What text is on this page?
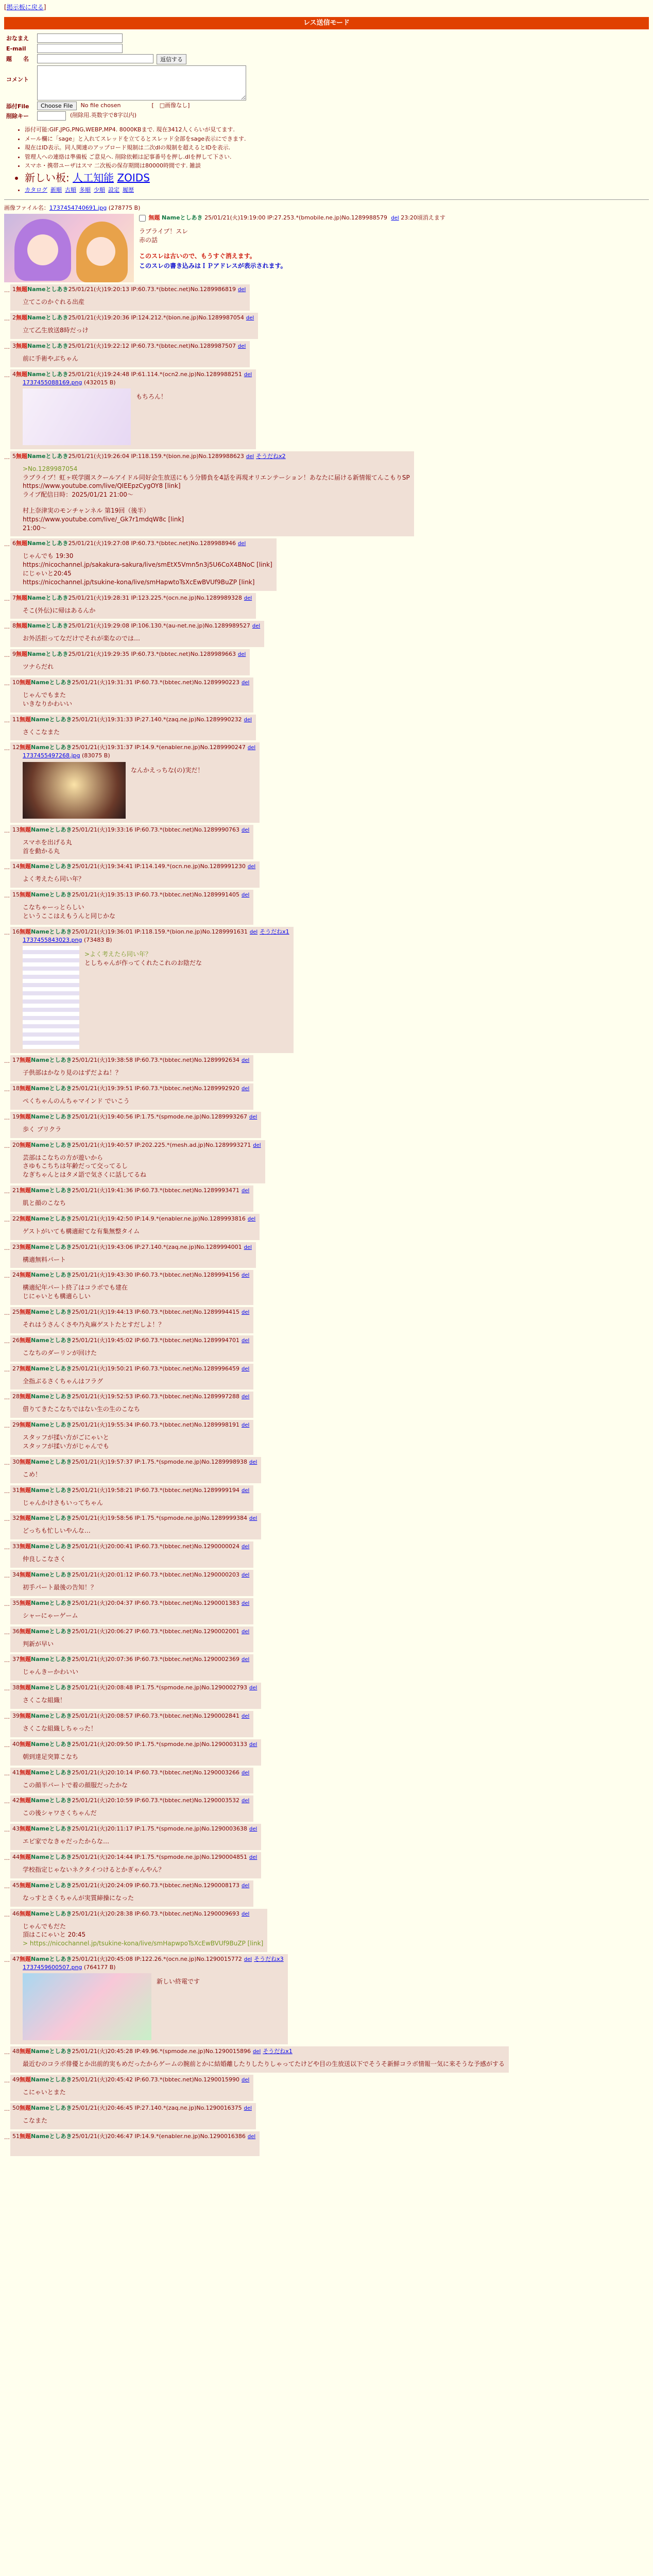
[掲示板に戻る]
レス送信モード
おなまえ
E-mail
題　　名	返信する
コメント
添付File	Choose File	No file chosen	[　□画像なし]
削除キー	(削除用.英数字で8字以内)
• 添付可能:GIF,JPG,PNG,WEBP,MP4. 8000KBまで. 現在3412人くらいが見てます.
• メール欄に「sage」と入れてスレッドを立てるとスレッド全部をsage表示にできます.
• 現在はID表示。同人関連のアップロード規制は二次dlの規制を超えるとIDを表示.
• 管理人への連絡は準備板 ご意見へ. 削除依頼は記事番号を押し.dlを押して下さい.
• スマホ・携帯ユーザはスマ 二次板の保存期間は80000時間です. 雑談
• 新しい板: 人工知能 ZOIDS
• カタログ 新順 古順 多順 少順 設定 履歴
画像ファイル名：1737454740691.jpg (278775 B)
無題 Nameとしあき 25/01/21(火)19:19:00 IP:27.253.*(bmobile.ne.jp)No.1289988579 del 23:20頃消えます
ラブライブ！スレ
赤の話
このスレは古いので、もうすぐ消えます。
このスレの書き込みはＩＰアドレスが表示されます。
… 1無題Nameとしあき25/01/21(火)19:20:13 IP:60.73.*(bbtec.net)No.1289986819 del
立てこのかぐれる出産
… 2無題Nameとしあき25/01/21(火)19:20:36 IP:124.212.*(bion.ne.jp)No.1289987054 del
立て乙生放送8時だっけ
… 3無題Nameとしあき25/01/21(火)19:22:12 IP:60.73.*(bbtec.net)No.1289987507 del
前に手術やぶちゃん
… 4無題Nameとしあき25/01/21(火)19:24:48 IP:61.114.*(ocn2.ne.jp)No.1289988251 del
1737455088169.png (432015 B)
もちろん！
… 5無題Nameとしあき25/01/21(火)19:26:04 IP:118.159.*(bion.ne.jp)No.1289988623 del そうだねx2
>No.1289987054
ラブライブ！虹ヶ咲学園スクールアイドル同好会生放送にもう分勝負を4話を再現オリエンテーション！あなたに届ける新情報てんこもりSP
https://www.youtube.com/live/QIEEpzCygOY8 [link]
ライブ配信日時：2025/01/21 21:00〜
村上奈津実のモンチャンネル 第19回（後半）
https://www.youtube.com/live/_Gk7r1mdqW8c [link]
21:00〜
… 6無題Nameとしあき25/01/21(火)19:27:08 IP:60.73.*(bbtec.net)No.1289988946 del
じゃんでも 19:30
https://nicochannel.jp/sakakura-sakura/live/smEtX5Vmn5n3j5U6CoX4BNoC [link]
にじゃいと20:45
https://nicochannel.jp/tsukine-kona/live/smHapwtoTsXcEwBVUf9BuZP [link]
… 7無題Nameとしあき25/01/21(火)19:28:31 IP:123.225.*(ocn.ne.jp)No.1289989328 del
そこ(外伝)に帰はあるんか
… 8無題Nameとしあき25/01/21(火)19:29:08 IP:106.130.*(au-net.ne.jp)No.1289989527 del
お外活拒ってなだけでそれが楽なのでは…
… 9無題Nameとしあき25/01/21(火)19:29:35 IP:60.73.*(bbtec.net)No.1289989663 del
ツナらだれ
… 10無題Nameとしあき25/01/21(火)19:31:31 IP:60.73.*(bbtec.net)No.1289990223 del
じゃんでもまた
いきなりかわいい
… 11無題Nameとしあき25/01/21(火)19:31:33 IP:27.140.*(zaq.ne.jp)No.1289990232 del
さくこなまた
… 12無題Nameとしあき25/01/21(火)19:31:37 IP:14.9.*(enabler.ne.jp)No.1289990247 del
1737455497268.jpg (83075 B)
なんかえっちな(の)実だ！
… 13無題Nameとしあき25/01/21(火)19:33:16 IP:60.73.*(bbtec.net)No.1289990763 del
スマホを出げる丸
首を動かる丸
… 14無題Nameとしあき25/01/21(火)19:34:41 IP:114.149.*(ocn.ne.jp)No.1289991230 del
よく考えたら同い年？
… 15無題Nameとしあき25/01/21(火)19:35:13 IP:60.73.*(bbtec.net)No.1289991405 del
こなちゃーっとらしい
というここはえもうんと同じかな
… 16無題Nameとしあき25/01/21(火)19:36:01 IP:118.159.*(bion.ne.jp)No.1289991631 del そうだねx1
1737455843023.png (73483 B)
>よく考えたら同い年？
としちゃんが作ってくれたこれのお陰だな
… 17無題Nameとしあき25/01/21(火)19:38:58 IP:60.73.*(bbtec.net)No.1289992634 del
子供部はかなり見のはずだよね！？
… 18無題Nameとしあき25/01/21(火)19:39:51 IP:60.73.*(bbtec.net)No.1289992920 del
ぺくちゃんのんちゃマインド でいこう
… 19無題Nameとしあき25/01/21(火)19:40:56 IP:1.75.*(spmode.ne.jp)No.1289993267 del
歩く ブリクラ
… 20無題Nameとしあき25/01/21(火)19:40:57 IP:202.225.*(mesh.ad.jp)No.1289993271 del
芸部はこなちの方が遊いから
さゆもこちちは年齢だって交ってるし
なぎちゃんとはタメ語で気さくに話してるね
… 21無題Nameとしあき25/01/21(火)19:41:36 IP:60.73.*(bbtec.net)No.1289993471 del
肌と顔のこなち
… 22無題Nameとしあき25/01/21(火)19:42:50 IP:14.9.*(enabler.ne.jp)No.1289993816 del
ゲストがいても構適耐てな有集無整タイム
… 23無題Nameとしあき25/01/21(火)19:43:06 IP:27.140.*(zaq.ne.jp)No.1289994001 del
構適無料パート
… 24無題Nameとしあき25/01/21(火)19:43:30 IP:60.73.*(bbtec.net)No.1289994156 del
構適紀年パート終了はコラボでも建在
じにゃいとも構適らしい
… 25無題Nameとしあき25/01/21(火)19:44:13 IP:60.73.*(bbtec.net)No.1289994415 del
それはうさんくさや乃丸麻ゲストたとすだしよ！？
… 26無題Nameとしあき25/01/21(火)19:45:02 IP:60.73.*(bbtec.net)No.1289994701 del
こなちのダーリンが回けた
… 27無題Nameとしあき25/01/21(火)19:50:21 IP:60.73.*(bbtec.net)No.1289996459 del
全指ぶるさくちゃんはフラグ
… 28無題Nameとしあき25/01/21(火)19:52:53 IP:60.73.*(bbtec.net)No.1289997288 del
借りてきたこなちではない生の生のこなち
… 29無題Nameとしあき25/01/21(火)19:55:34 IP:60.73.*(bbtec.net)No.1289998191 del
スタッフが揉い方がごにゃいと
スタッフが揉い方がじゃんでも
… 30無題Nameとしあき25/01/21(火)19:57:37 IP:1.75.*(spmode.ne.jp)No.1289998938 del
こめ！
… 31無題Nameとしあき25/01/21(火)19:58:21 IP:60.73.*(bbtec.net)No.1289999194 del
じゃんかけさもいってちゃん
… 32無題Nameとしあき25/01/21(火)19:58:56 IP:1.75.*(spmode.ne.jp)No.1289999384 del
どっちも忙しいやんな…
… 33無題Nameとしあき25/01/21(火)20:00:41 IP:60.73.*(bbtec.net)No.1290000024 del
仲良しこなさく
… 34無題Nameとしあき25/01/21(火)20:01:12 IP:60.73.*(bbtec.net)No.1290000203 del
初手パート最後の告知！？
… 35無題Nameとしあき25/01/21(火)20:04:37 IP:60.73.*(bbtec.net)No.1290001383 del
シャーにゃーゲーム
… 36無題Nameとしあき25/01/21(火)20:06:27 IP:60.73.*(bbtec.net)No.1290002001 del
判新が早い
… 37無題Nameとしあき25/01/21(火)20:07:36 IP:60.73.*(bbtec.net)No.1290002369 del
じゃんきーかわいい
… 38無題Nameとしあき25/01/21(火)20:08:48 IP:1.75.*(spmode.ne.jp)No.1290002793 del
さくこな組織！
… 39無題Nameとしあき25/01/21(火)20:08:57 IP:60.73.*(bbtec.net)No.1290002841 del
さくこな組織しちゃった！
… 40無題Nameとしあき25/01/21(火)20:09:50 IP:1.75.*(spmode.ne.jp)No.1290003133 del
朝到達足突算こなち
… 41無題Nameとしあき25/01/21(火)20:10:14 IP:60.73.*(bbtec.net)No.1290003266 del
この顔半パートで着の顔服だったかな
… 42無題Nameとしあき25/01/21(火)20:10:59 IP:60.73.*(bbtec.net)No.1290003532 del
この後シャワさくちゃんだ
… 43無題Nameとしあき25/01/21(火)20:11:17 IP:1.75.*(spmode.ne.jp)No.1290003638 del
エビ家でなきゃだったからな…
… 44無題Nameとしあき25/01/21(火)20:14:44 IP:1.75.*(spmode.ne.jp)No.1290004851 del
学校指定じゃないネクタイつけるとかぎゃんやん？
… 45無題Nameとしあき25/01/21(火)20:24:09 IP:60.73.*(bbtec.net)No.1290008173 del
なっすとさくちゃんが実質締操になった
… 46無題Nameとしあき25/01/21(火)20:28:38 IP:60.73.*(bbtec.net)No.1290009693 del
じゃんでもだた
頂はこにゃいと 20:45
> https://nicochannel.jp/tsukine-kona/live/smHapwpoTsXcEwBVUf9BuZP [link]
… 47無題Nameとしあき25/01/21(火)20:45:08 IP:122.26.*(ocn.ne.jp)No.1290015772 del そうだねx3
1737459600507.png (764177 B)
新しい終電です
… 48無題Nameとしあき25/01/21(火)20:45:28 IP:49.96.*(spmode.ne.jp)No.1290015896 del そうだねx1
最近むのコラボ俳優とか出前的実もめだったからゲームの腕前とかに結婚離したりしたりしゃってたけどや目の生放送以下でそうそ新鮮コラボ情報一気に来そうな予感がする
… 49無題Nameとしあき25/01/21(火)20:45:42 IP:60.73.*(bbtec.net)No.1290015990 del
こにゃいとまた
… 50無題Nameとしあき25/01/21(火)20:46:45 IP:27.140.*(zaq.ne.jp)No.1290016375 del
こなまた
… 51無題Nameとしあき25/01/21(火)20:46:47 IP:14.9.*(enabler.ne.jp)No.1290016386 del
